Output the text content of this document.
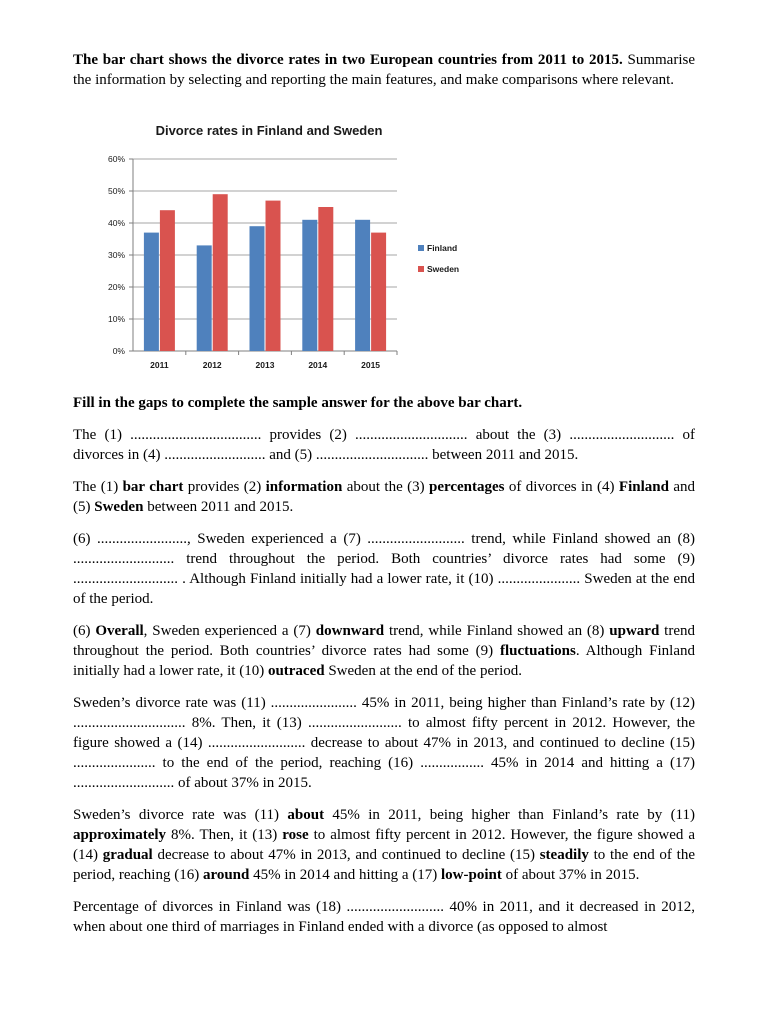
The bar chart shows the divorce rates in two European countries from 2011 to 2015. Summarise the information by selecting and reporting the main features, and make comparisons where relevant.

Divorce rates in Finland and Sweden
0%
10%
20%
30%
40%
50%
60%
2011	2012	2013	2014	2015
Finland
Sweden

Fill in the gaps to complete the sample answer for the above bar chart.

The (1) ................................... provides (2) .............................. about the (3) ............................ of divorces in (4) ........................... and (5) .............................. between 2011 and 2015.

The (1) bar chart provides (2) information about the (3) percentages of divorces in (4) Finland and (5) Sweden between 2011 and 2015.

(6) ........................, Sweden experienced a (7) .......................... trend, while Finland showed an (8) ........................... trend throughout the period. Both countries’ divorce rates had some (9) ............................ . Although Finland initially had a lower rate, it (10) ...................... Sweden at the end of the period.

(6) Overall, Sweden experienced a (7) downward trend, while Finland showed an (8) upward trend throughout the period. Both countries’ divorce rates had some (9) fluctuations. Although Finland initially had a lower rate, it (10) outraced Sweden at the end of the period.

Sweden’s divorce rate was (11) ....................... 45% in 2011, being higher than Finland’s rate by (12) .............................. 8%. Then, it (13) ......................... to almost fifty percent in 2012. However, the figure showed a (14) .......................... decrease to about 47% in 2013, and continued to decline (15) ...................... to the end of the period, reaching (16) ................. 45% in 2014 and hitting a (17) ........................... of about 37% in 2015.

Sweden’s divorce rate was (11) about 45% in 2011, being higher than Finland’s rate by (11) approximately 8%. Then, it (13) rose to almost fifty percent in 2012. However, the figure showed a (14) gradual decrease to about 47% in 2013, and continued to decline (15) steadily to the end of the period, reaching (16) around 45% in 2014 and hitting a (17) low-point of about 37% in 2015.

Percentage of divorces in Finland was (18) .......................... 40% in 2011, and it decreased in 2012, when about one third of marriages in Finland ended with a divorce (as opposed to almost
